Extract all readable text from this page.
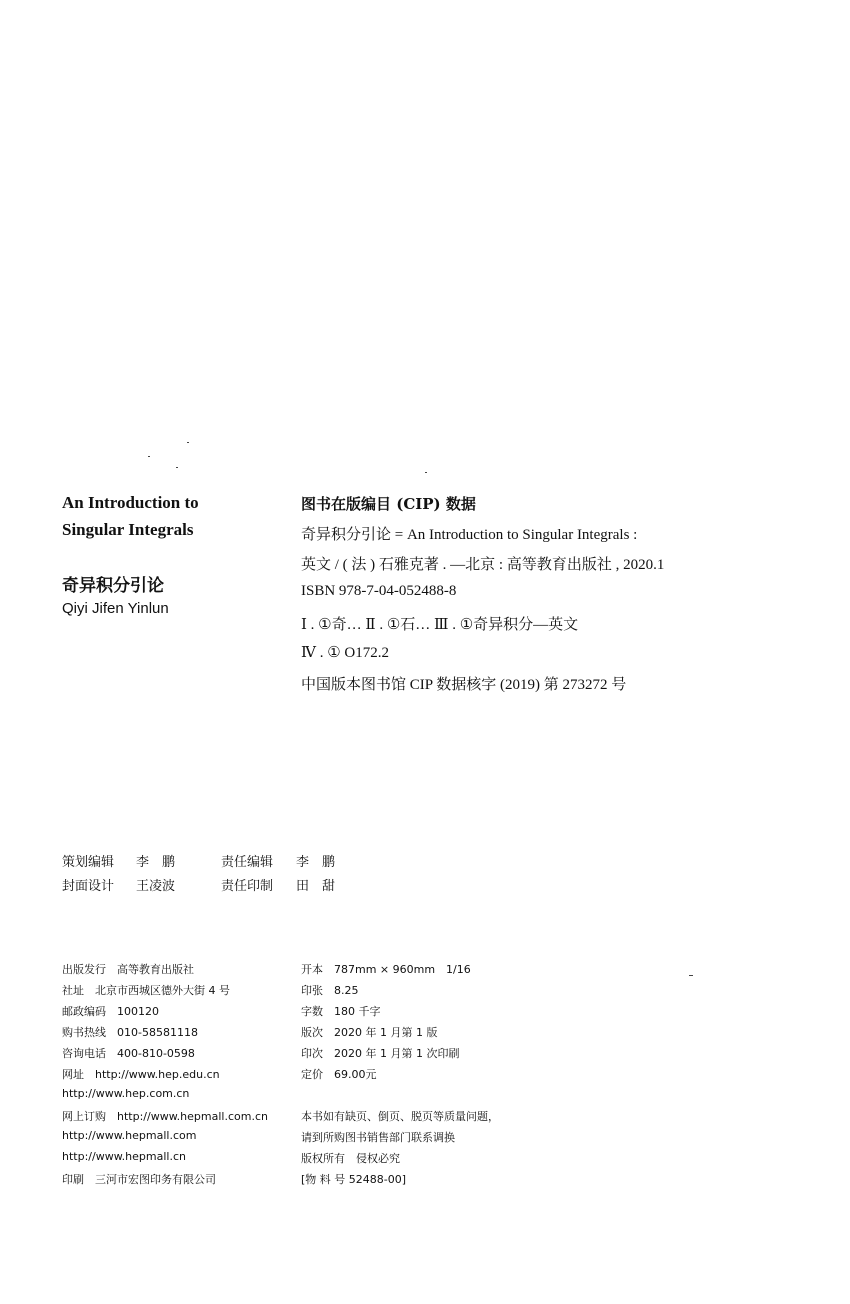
An Introduction to
Singular Integrals
奇异积分引论
Qiyi Jifen Yinlun
图书在版编目 (CIP) 数据
奇异积分引论 = An Introduction to Singular Integrals :
英文 / ( 法 ) 石雅克著 . —北京 : 高等教育出版社 , 2020.1
ISBN 978-7-04-052488-8
Ⅰ . ①奇… Ⅱ . ①石… Ⅲ . ①奇异积分—英文
Ⅳ . ① O172.2
中国版本图书馆 CIP 数据核字 (2019) 第 273272 号
策划编辑 李　鹏	责任编辑 李　鹏
封面设计 王凌波	责任印制 田　甜
出版发行　高等教育出版社
社址　北京市西城区德外大街 4 号
邮政编码　100120
购书热线　010-58581118
咨询电话　400-810-0598
网址　http://www.hep.edu.cn
http://www.hep.com.cn
网上订购　http://www.hepmall.com.cn
http://www.hepmall.com
http://www.hepmall.cn
印刷　三河市宏图印务有限公司
开本　787mm × 960mm　1/16
印张　8.25
字数　180 千字
版次　2020 年 1 月第 1 版
印次　2020 年 1 月第 1 次印刷
定价　69.00元
本书如有缺页、倒页、脱页等质量问题，
请到所购图书销售部门联系调换
版权所有　侵权必究
[物 料 号 52488-00]
